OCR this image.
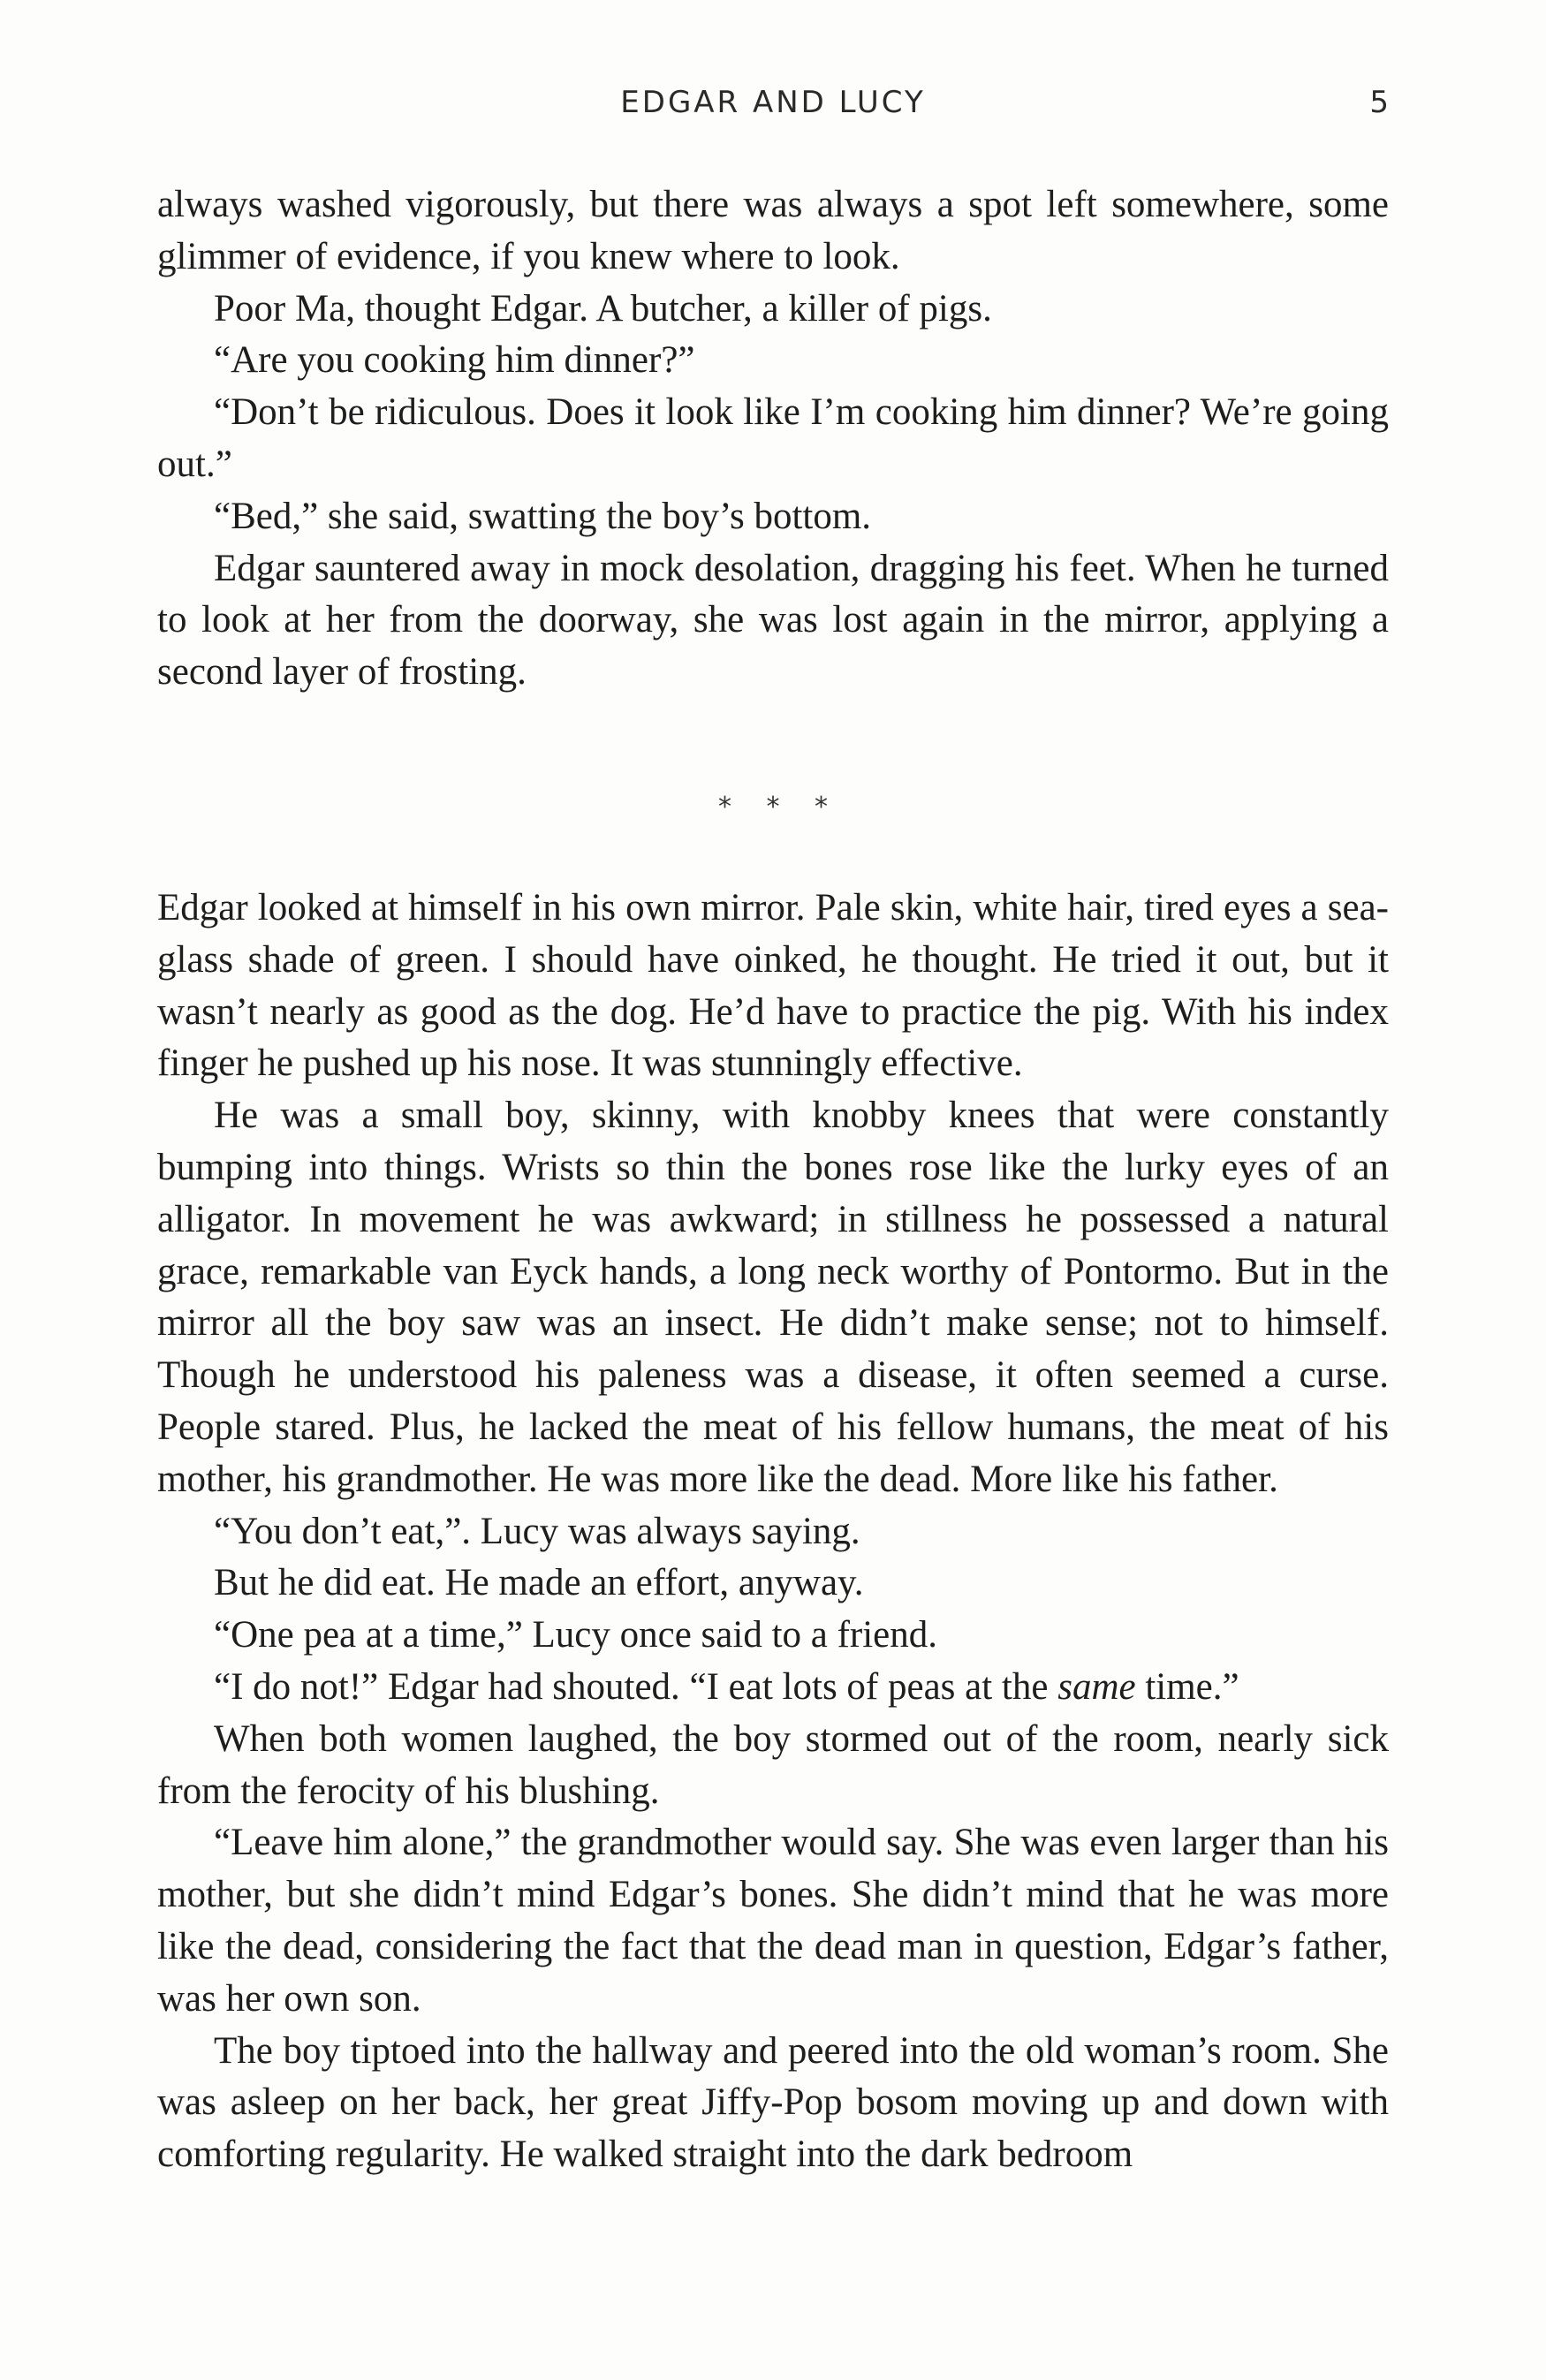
EDGAR AND LUCY	5

always washed vigorously, but there was always a spot left somewhere, some glimmer of evidence, if you knew where to look.

Poor Ma, thought Edgar. A butcher, a killer of pigs.

“Are you cooking him dinner?”

“Don’t be ridiculous. Does it look like I’m cooking him dinner? We’re going out.”

“Bed,” she said, swatting the boy’s bottom.

Edgar sauntered away in mock desolation, dragging his feet. When he turned to look at her from the doorway, she was lost again in the mirror, applying a second layer of frosting.

* * *

Edgar looked at himself in his own mirror. Pale skin, white hair, tired eyes a sea-glass shade of green. I should have oinked, he thought. He tried it out, but it wasn’t nearly as good as the dog. He’d have to practice the pig. With his index finger he pushed up his nose. It was stunningly effective.

He was a small boy, skinny, with knobby knees that were constantly bumping into things. Wrists so thin the bones rose like the lurky eyes of an alligator. In movement he was awkward; in stillness he possessed a natural grace, remarkable van Eyck hands, a long neck worthy of Pontormo. But in the mirror all the boy saw was an insect. He didn’t make sense; not to himself. Though he understood his paleness was a disease, it often seemed a curse. People stared. Plus, he lacked the meat of his fellow humans, the meat of his mother, his grandmother. He was more like the dead. More like his father.

“You don’t eat,”. Lucy was always saying.

But he did eat. He made an effort, anyway.

“One pea at a time,” Lucy once said to a friend.

“I do not!” Edgar had shouted. “I eat lots of peas at the same time.”

When both women laughed, the boy stormed out of the room, nearly sick from the ferocity of his blushing.

“Leave him alone,” the grandmother would say. She was even larger than his mother, but she didn’t mind Edgar’s bones. She didn’t mind that he was more like the dead, considering the fact that the dead man in question, Edgar’s father, was her own son.

The boy tiptoed into the hallway and peered into the old woman’s room. She was asleep on her back, her great Jiffy-Pop bosom moving up and down with comforting regularity. He walked straight into the dark bedroom
